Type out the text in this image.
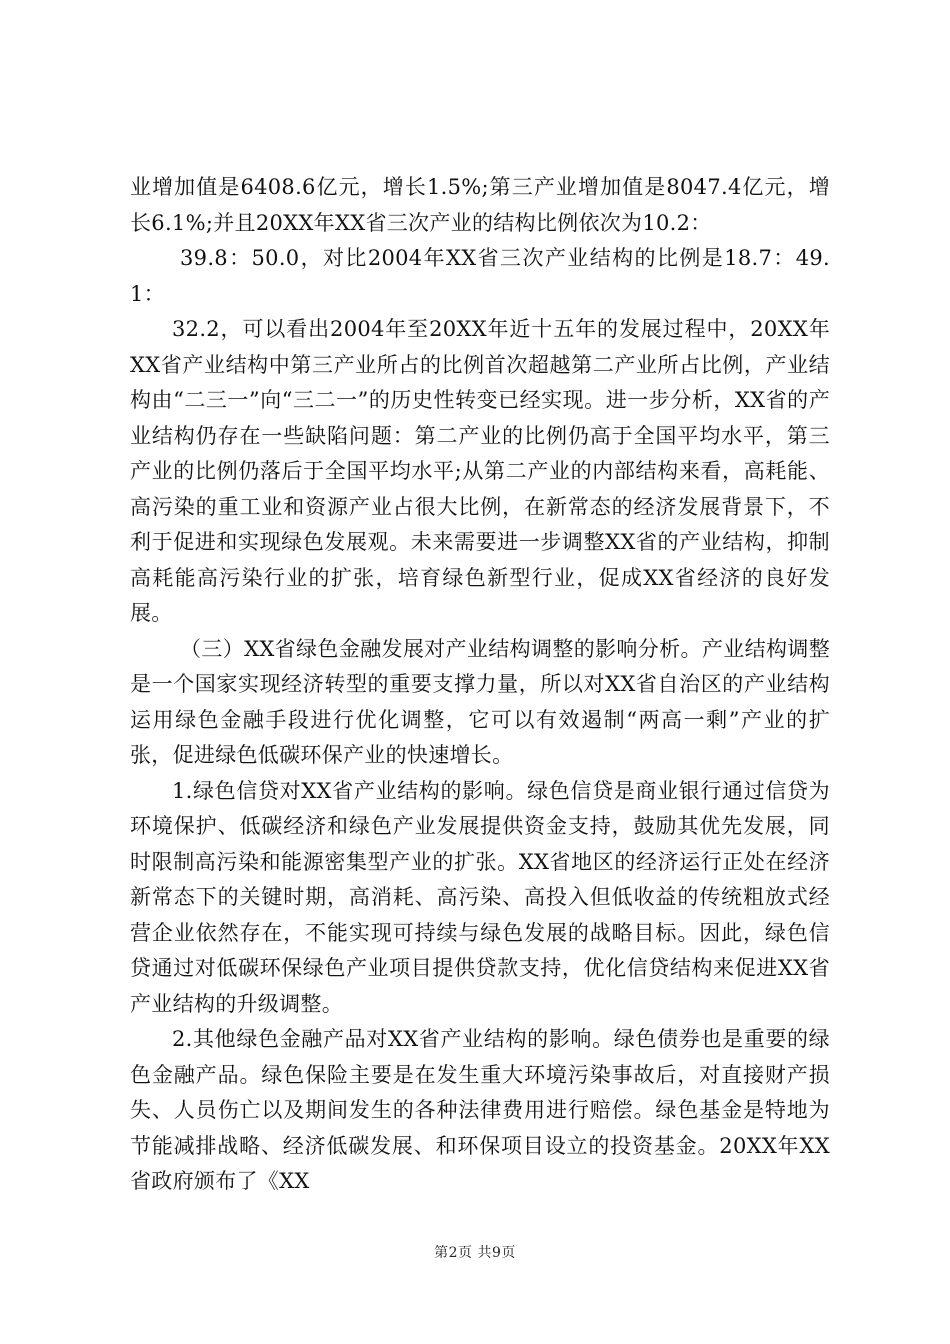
业增加值是6408.6亿元，增长1.5%;第三产业增加值是8047.4亿元，增长6.1%;并且20XX年XX省三次产业的结构比例依次为10.2：

39.8：50.0，对比2004年XX省三次产业结构的比例是18.7：49.1：

32.2，可以看出2004年至20XX年近十五年的发展过程中，20XX年XX省产业结构中第三产业所占的比例首次超越第二产业所占比例，产业结构由“二三一”向“三二一”的历史性转变已经实现。进一步分析，XX省的产业结构仍存在一些缺陷问题：第二产业的比例仍高于全国平均水平，第三产业的比例仍落后于全国平均水平;从第二产业的内部结构来看，高耗能、高污染的重工业和资源产业占很大比例，在新常态的经济发展背景下，不利于促进和实现绿色发展观。未来需要进一步调整XX省的产业结构，抑制高耗能高污染行业的扩张，培育绿色新型行业，促成XX省经济的良好发展。

（三）XX省绿色金融发展对产业结构调整的影响分析。产业结构调整是一个国家实现经济转型的重要支撑力量，所以对XX省自治区的产业结构运用绿色金融手段进行优化调整，它可以有效遏制“两高一剩”产业的扩张，促进绿色低碳环保产业的快速增长。

1.绿色信贷对XX省产业结构的影响。绿色信贷是商业银行通过信贷为环境保护、低碳经济和绿色产业发展提供资金支持，鼓励其优先发展，同时限制高污染和能源密集型产业的扩张。XX省地区的经济运行正处在经济新常态下的关键时期，高消耗、高污染、高投入但低收益的传统粗放式经营企业依然存在，不能实现可持续与绿色发展的战略目标。因此，绿色信贷通过对低碳环保绿色产业项目提供贷款支持，优化信贷结构来促进XX省产业结构的升级调整。

2.其他绿色金融产品对XX省产业结构的影响。绿色债券也是重要的绿色金融产品。绿色保险主要是在发生重大环境污染事故后，对直接财产损失、人员伤亡以及期间发生的各种法律费用进行赔偿。绿色基金是特地为节能减排战略、经济低碳发展、和环保项目设立的投资基金。20XX年XX省政府颁布了《XX

第2页 共9页
